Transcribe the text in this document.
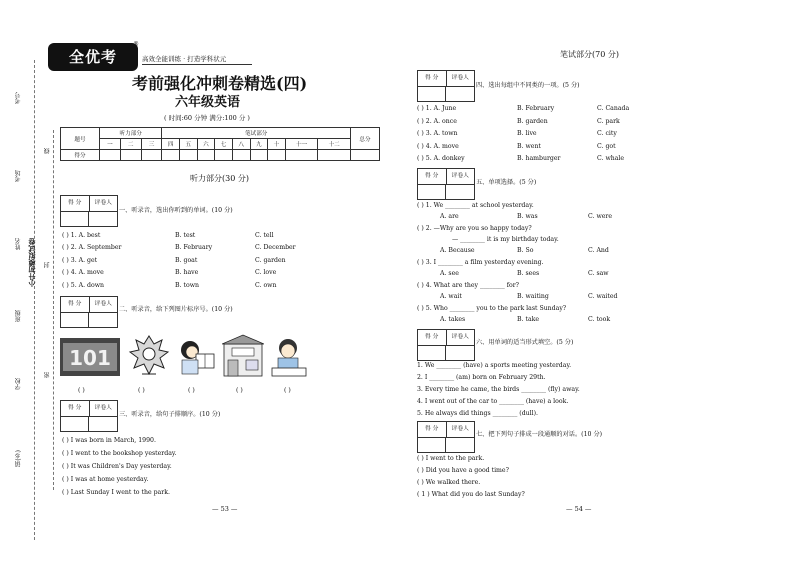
考号
考场
姓名
班级
学校
镇(乡)
小升初模拟试卷
线
封
密
全优考
®
高效全能训练 · 打造学科状元
考前强化冲刺卷精选(四)
六年级英语
( 时间:60 分钟 满分:100 分 )
题号	听力部分			笔试部分									总分
	一	二	三	四	五	六	七	八	九	十	十一	十二	
得分													
听力部分(30 分)
得 分	评卷人
一、听录音，选出你听到的单词。(10 分)
( ) 1. A. best	B. test	C. tell
( ) 2. A. September	B. February	C. December
( ) 3. A. get	B. goat	C. garden
( ) 4. A. move	B. have	C. love
( ) 5. A. down	B. town	C. own
得 分	评卷人
二、听录音，给下列图片标序号。(10 分)
101
( )	( )	( )	( )	( )
得 分	评卷人
三、听录音，给句子排顺序。(10 分)
( ) I was born in March, 1990.
( ) I went to the bookshop yesterday.
( ) It was Children's Day yesterday.
( ) I was at home yesterday.
( ) Last Sunday I went to the park.
— 53 —
笔试部分(70 分)
得 分	评卷人
四、选出每组中不同类的一项。(5 分)
( ) 1. A. June	B. February	C. Canada
( ) 2. A. once	B. garden	C. park
( ) 3. A. town	B. live	C. city
( ) 4. A. move	B. went	C. got
( ) 5. A. donkey	B. hamburger	C. whale
得 分	评卷人
五、单项选择。(5 分)
( ) 1. We ________ at school yesterday.
A. are	B. was	C. were
( ) 2. —Why are you so happy today?
— ________ it is my birthday today.
A. Because	B. So	C. And
( ) 3. I ________ a film yesterday evening.
A. see	B. sees	C. saw
( ) 4. What are they ________ for?
A. wait	B. waiting	C. waited
( ) 5. Who ________ you to the park last Sunday?
A. takes	B. take	C. took
得 分	评卷人
六、用单词的适当形式填空。(5 分)
1. We ________ (have) a sports meeting yesterday.
2. I ________ (am) born on February 29th.
3. Every time he came, the birds ________ (fly) away.
4. I went out of the car to ________ (have) a look.
5. He always did things ________ (dull).
得 分	评卷人
七、把下列句子排成一段通顺的对话。(10 分)
( ) I went to the park.
( ) Did you have a good time?
( ) We walked there.
( 1 ) What did you do last Sunday?
— 54 —
